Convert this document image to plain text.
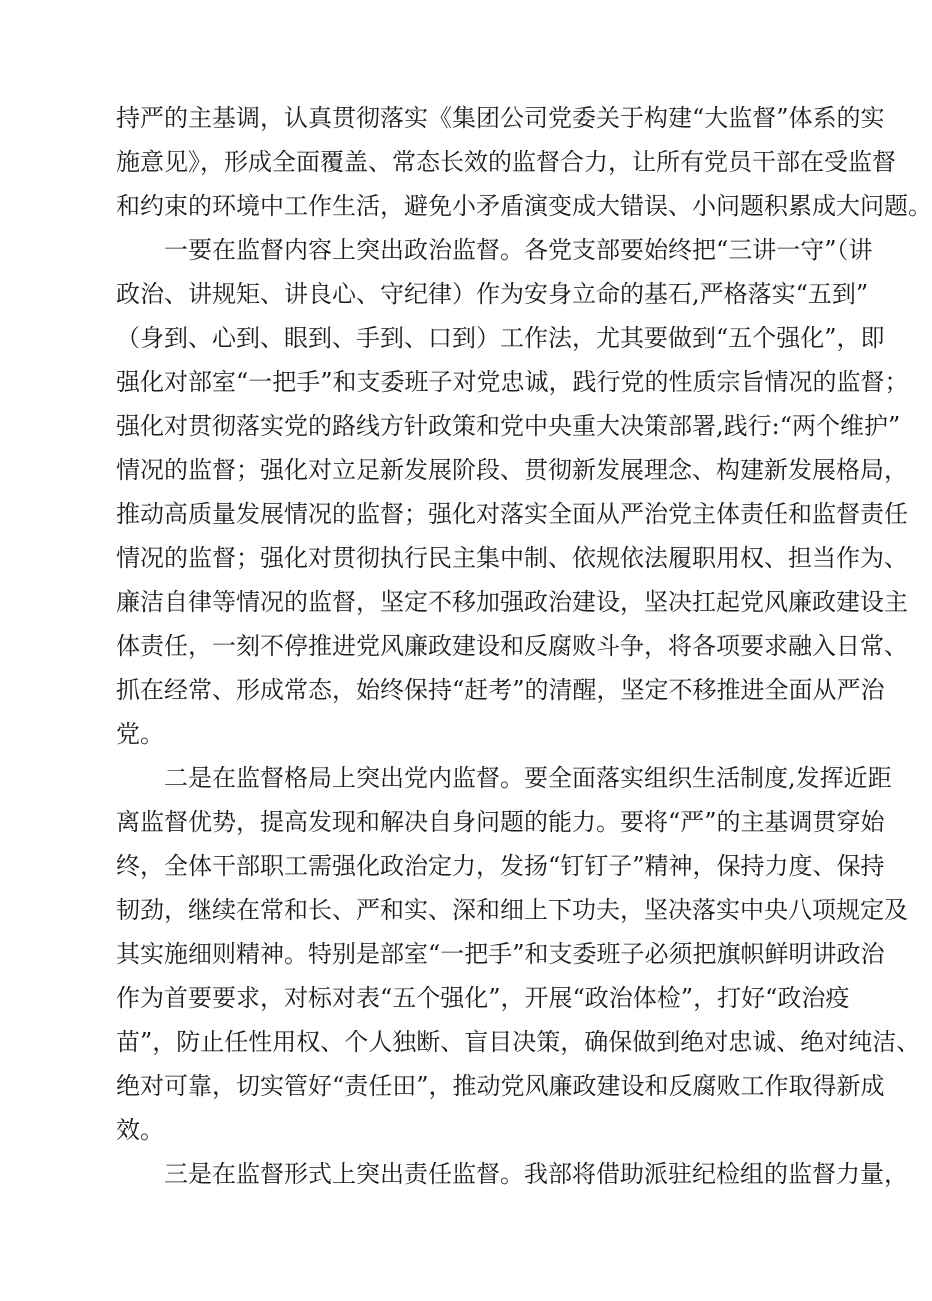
持严的主基调，认真贯彻落实《集团公司党委关于构建“大监督”体系的实
施意见》，形成全面覆盖、常态长效的监督合力，让所有党员干部在受监督
和约束的环境中工作生活，避免小矛盾演变成大错误、小问题积累成大问题。
一要在监督内容上突出政治监督。各党支部要始终把“三讲一守”（讲
政治、讲规矩、讲良心、守纪律）作为安身立命的基石,严格落实“五到”
（身到、心到、眼到、手到、口到）工作法，尤其要做到“五个强化”，即
强化对部室“一把手”和支委班子对党忠诚，践行党的性质宗旨情况的监督；
强化对贯彻落实党的路线方针政策和党中央重大决策部署,践行:“两个维护”
情况的监督；强化对立足新发展阶段、贯彻新发展理念、构建新发展格局，
推动高质量发展情况的监督；强化对落实全面从严治党主体责任和监督责任
情况的监督；强化对贯彻执行民主集中制、依规依法履职用权、担当作为、
廉洁自律等情况的监督，坚定不移加强政治建设，坚决扛起党风廉政建设主
体责任，一刻不停推进党风廉政建设和反腐败斗争，将各项要求融入日常、
抓在经常、形成常态，始终保持“赶考”的清醒，坚定不移推进全面从严治
党。
二是在监督格局上突出党内监督。要全面落实组织生活制度,发挥近距
离监督优势，提高发现和解决自身问题的能力。要将“严”的主基调贯穿始
终，全体干部职工需强化政治定力，发扬“钉钉子”精神，保持力度、保持
韧劲，继续在常和长、严和实、深和细上下功夫，坚决落实中央八项规定及
其实施细则精神。特别是部室“一把手”和支委班子必须把旗帜鲜明讲政治
作为首要要求，对标对表“五个强化”，开展“政治体检”，打好“政治疫
苗”，防止任性用权、个人独断、盲目决策，确保做到绝对忠诚、绝对纯洁、
绝对可靠，切实管好“责任田”，推动党风廉政建设和反腐败工作取得新成
效。
三是在监督形式上突出责任监督。我部将借助派驻纪检组的监督力量，
